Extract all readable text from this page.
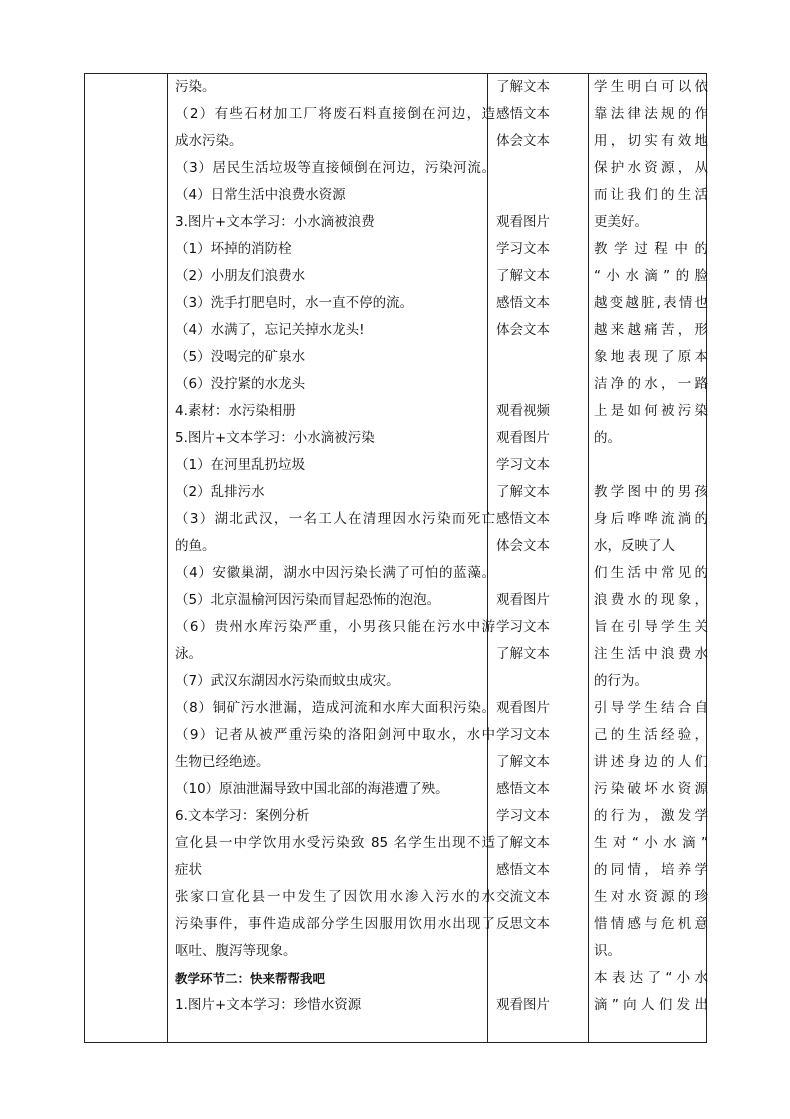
污染。
（2）有些石材加工厂将废石料直接倒在河边，造
成水污染。
（3）居民生活垃圾等直接倾倒在河边，污染河流。
（4）日常生活中浪费水资源
3.图片+文本学习：小水滴被浪费
（1）坏掉的消防栓
（2）小朋友们浪费水
（3）洗手打肥皂时，水一直不停的流。
（4）水满了，忘记关掉水龙头!
（5）没喝完的矿泉水
（6）没拧紧的水龙头
4.素材：水污染相册
5.图片+文本学习：小水滴被污染
（1）在河里乱扔垃圾
（2）乱排污水
（3）湖北武汉，一名工人在清理因水污染而死亡
的鱼。
（4）安徽巢湖，湖水中因污染长满了可怕的蓝藻。
（5）北京温榆河因污染而冒起恐怖的泡泡。
（6）贵州水库污染严重，小男孩只能在污水中游
泳。
（7）武汉东湖因水污染而蚊虫成灾。
（8）铜矿污水泄漏，造成河流和水库大面积污染。
（9）记者从被严重污染的洛阳剑河中取水，水中
生物已经绝迹。
（10）原油泄漏导致中国北部的海港遭了殃。
6.文本学习：案例分析
宣化县一中学饮用水受污染致 85 名学生出现不适
症状
张家口宣化县一中发生了因饮用水渗入污水的水
污染事件，事件造成部分学生因服用饮用水出现了
呕吐、腹泻等现象。
教学环节二：快来帮帮我吧
1.图片+文本学习：珍惜水资源
了解文本
感悟文本
体会文本
观看图片
学习文本
了解文本
感悟文本
体会文本
观看视频
观看图片
学习文本
了解文本
感悟文本
体会文本
观看图片
学习文本
了解文本
观看图片
学习文本
了解文本
感悟文本
学习文本
了解文本
感悟文本
交流文本
反思文本
观看图片
学生明白可以依
靠法律法规的作
用，切实有效地
保护水资源，从
而让我们的生活
更美好。
教学过程中的
“小水滴”的脸
越变越脏,表情也
越来越痛苦，形
象地表现了原本
洁净的水，一路
上是如何被污染
的。
教学图中的男孩
身后哗哗流淌的
水，反映了人
们生活中常见的
浪费水的现象，
旨在引导学生关
注生活中浪费水
的行为。
引导学生结合自
己的生活经验，
讲述身边的人们
污染破坏水资源
的行为，激发学
生对“小水滴”
的同情，培养学
生对水资源的珍
惜情感与危机意
识。
本表达了“小水
滴”向人们发出
